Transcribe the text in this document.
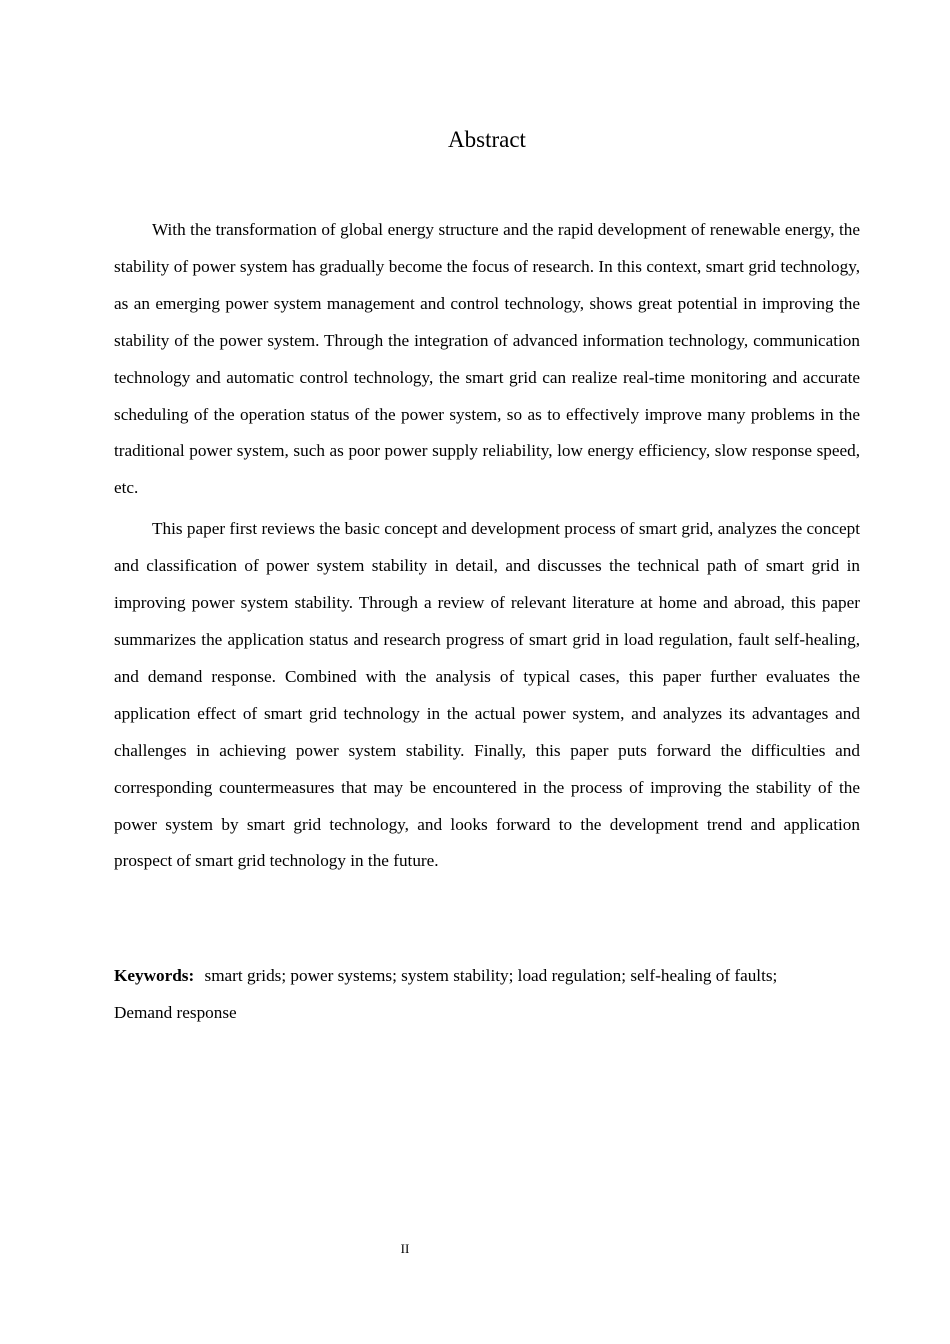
Abstract

With the transformation of global energy structure and the rapid development of renewable energy, the stability of power system has gradually become the focus of research. In this context, smart grid technology, as an emerging power system management and control technology, shows great potential in improving the stability of the power system. Through the integration of advanced information technology, communication technology and automatic control technology, the smart grid can realize real-time monitoring and accurate scheduling of the operation status of the power system, so as to effectively improve many problems in the traditional power system, such as poor power supply reliability, low energy efficiency, slow response speed, etc.

This paper first reviews the basic concept and development process of smart grid, analyzes the concept and classification of power system stability in detail, and discusses the technical path of smart grid in improving power system stability. Through a review of relevant literature at home and abroad, this paper summarizes the application status and research progress of smart grid in load regulation, fault self-healing, and demand response. Combined with the analysis of typical cases, this paper further evaluates the application effect of smart grid technology in the actual power system, and analyzes its advantages and challenges in achieving power system stability. Finally, this paper puts forward the difficulties and corresponding countermeasures that may be encountered in the process of improving the stability of the power system by smart grid technology, and looks forward to the development trend and application prospect of smart grid technology in the future.

Keywords: smart grids; power systems; system stability; load regulation; self-healing of faults; Demand response

II
